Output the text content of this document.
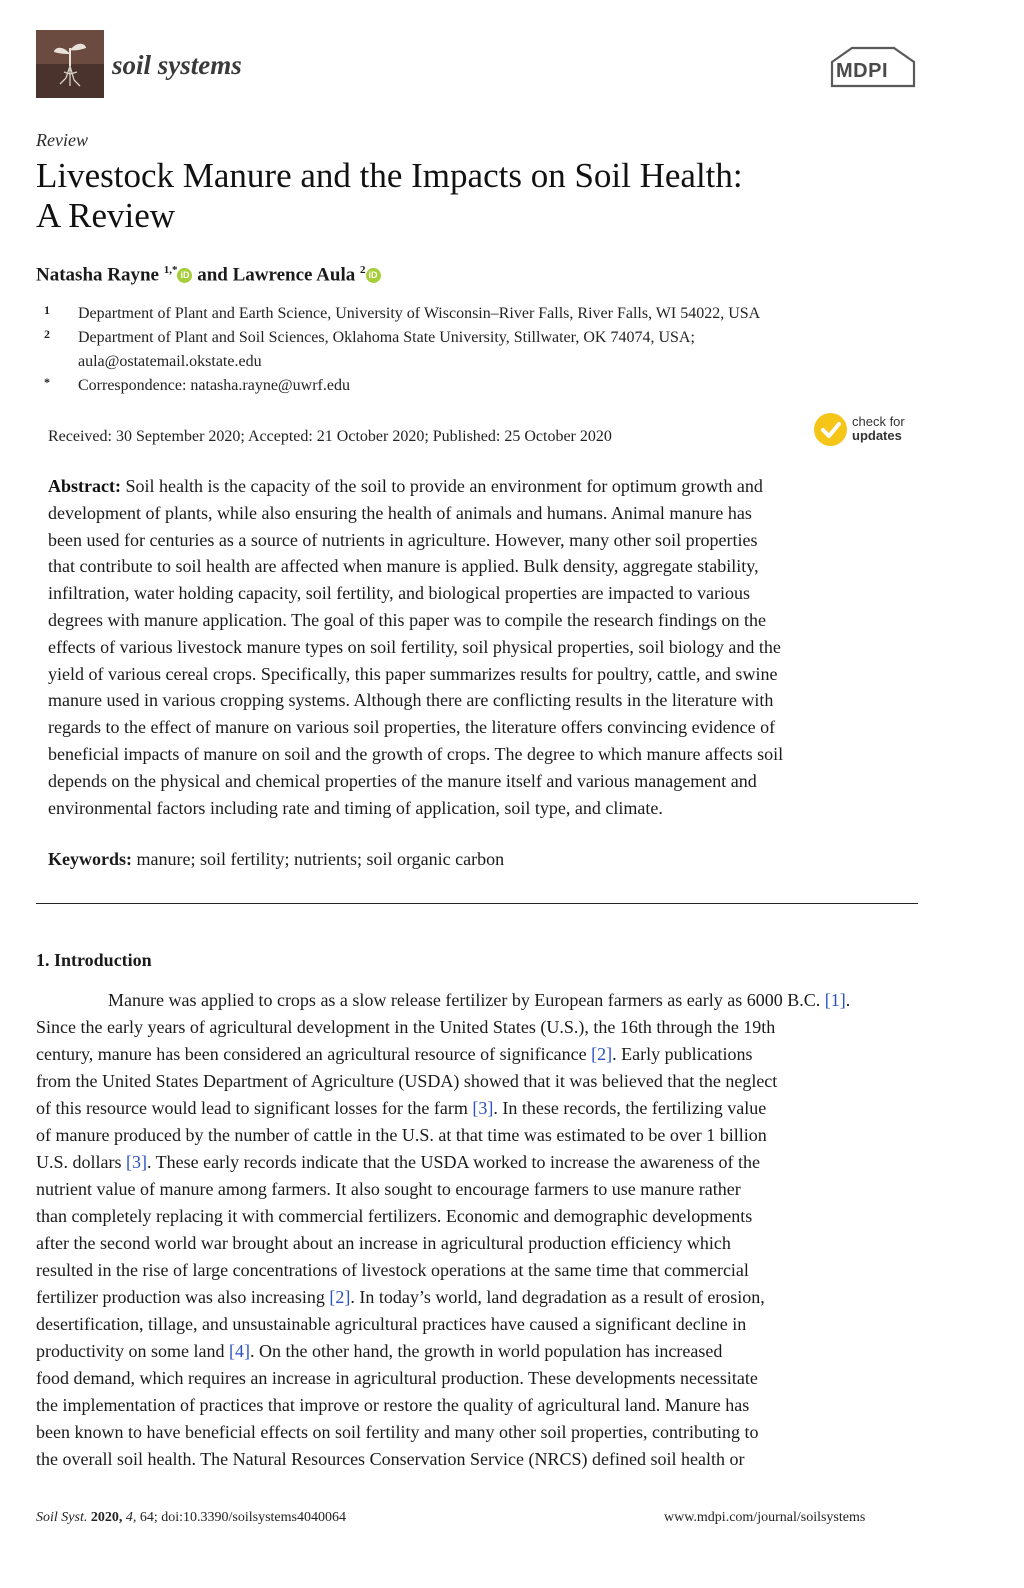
soil systems	MDPI
Review
Livestock Manure and the Impacts on Soil Health:
A Review
Natasha Rayne $^{1,*}$ iD and Lawrence Aula $^2$ iD
1 Department of Plant and Earth Science, University of Wisconsin–River Falls, River Falls, WI 54022, USA
2 Department of Plant and Soil Sciences, Oklahoma State University, Stillwater, OK 74074, USA;
aula@ostatemail.okstate.edu
* Correspondence: natasha.rayne@uwrf.edu
Received: 30 September 2020; Accepted: 21 October 2020; Published: 25 October 2020
check for
updates
Abstract: Soil health is the capacity of the soil to provide an environment for optimum growth and
development of plants, while also ensuring the health of animals and humans. Animal manure has
been used for centuries as a source of nutrients in agriculture. However, many other soil properties
that contribute to soil health are affected when manure is applied. Bulk density, aggregate stability,
infiltration, water holding capacity, soil fertility, and biological properties are impacted to various
degrees with manure application. The goal of this paper was to compile the research findings on the
effects of various livestock manure types on soil fertility, soil physical properties, soil biology and the
yield of various cereal crops. Specifically, this paper summarizes results for poultry, cattle, and swine
manure used in various cropping systems. Although there are conflicting results in the literature with
regards to the effect of manure on various soil properties, the literature offers convincing evidence of
beneficial impacts of manure on soil and the growth of crops. The degree to which manure affects soil
depends on the physical and chemical properties of the manure itself and various management and
environmental factors including rate and timing of application, soil type, and climate.
Keywords: manure; soil fertility; nutrients; soil organic carbon
1. Introduction
Manure was applied to crops as a slow release fertilizer by European farmers as early as 6000 B.C. [1].
Since the early years of agricultural development in the United States (U.S.), the 16th through the 19th
century, manure has been considered an agricultural resource of significance [2]. Early publications
from the United States Department of Agriculture (USDA) showed that it was believed that the neglect
of this resource would lead to significant losses for the farm [3]. In these records, the fertilizing value
of manure produced by the number of cattle in the U.S. at that time was estimated to be over 1 billion
U.S. dollars [3]. These early records indicate that the USDA worked to increase the awareness of the
nutrient value of manure among farmers. It also sought to encourage farmers to use manure rather
than completely replacing it with commercial fertilizers. Economic and demographic developments
after the second world war brought about an increase in agricultural production efficiency which
resulted in the rise of large concentrations of livestock operations at the same time that commercial
fertilizer production was also increasing [2]. In today’s world, land degradation as a result of erosion,
desertification, tillage, and unsustainable agricultural practices have caused a significant decline in
productivity on some land [4]. On the other hand, the growth in world population has increased
food demand, which requires an increase in agricultural production. These developments necessitate
the implementation of practices that improve or restore the quality of agricultural land. Manure has
been known to have beneficial effects on soil fertility and many other soil properties, contributing to
the overall soil health. The Natural Resources Conservation Service (NRCS) defined soil health or
Soil Syst. 2020, 4, 64; doi:10.3390/soilsystems4040064	www.mdpi.com/journal/soilsystems
